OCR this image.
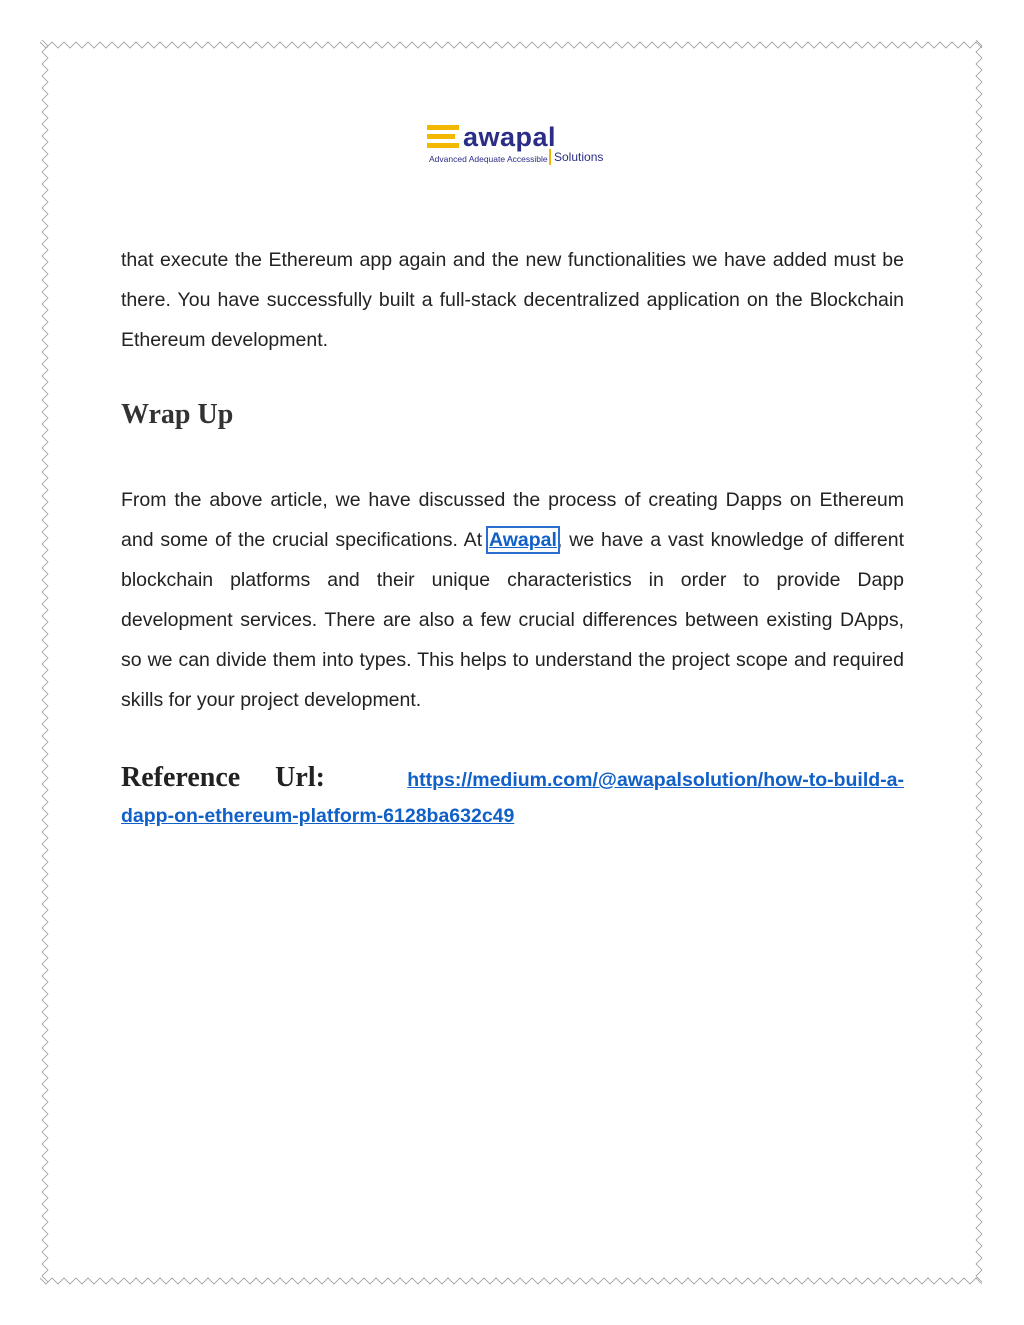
awapal
Advanced Adequate Accessible Solutions

that execute the Ethereum app again and the new functionalities we have added must be there. You have successfully built a full-stack decentralized application on the Blockchain Ethereum development.

Wrap Up

From the above article, we have discussed the process of creating Dapps on Ethereum and some of the crucial specifications. At Awapal, we have a vast knowledge of different blockchain platforms and their unique characteristics in order to provide Dapp development services. There are also a few crucial differences between existing DApps, so we can divide them into types. This helps to understand the project scope and required skills for your project development.

Reference Url:	https://medium.com/@awapalsolution/how-to-build-a-
dapp-on-ethereum-platform-6128ba632c49
